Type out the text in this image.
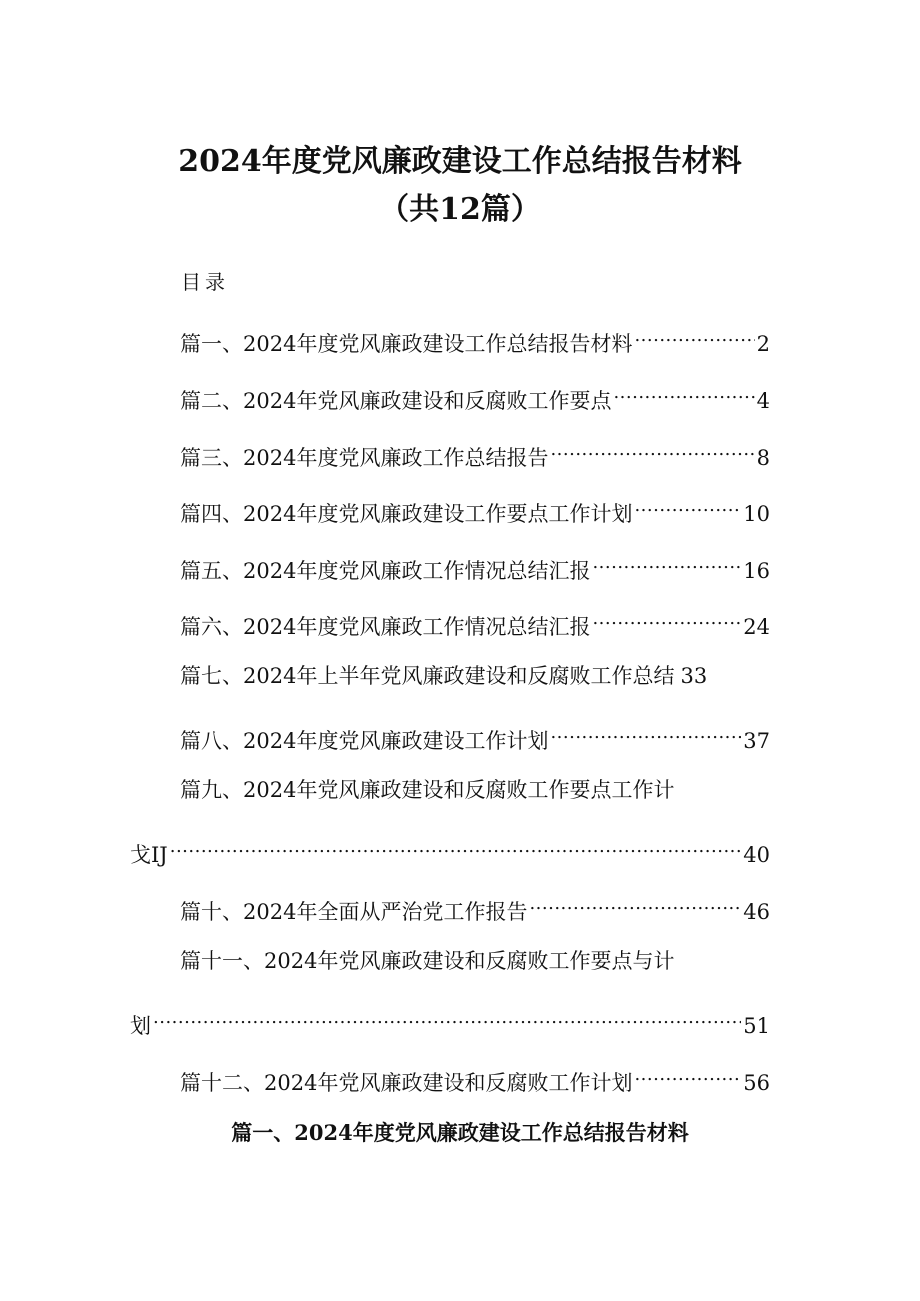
2024年度党风廉政建设工作总结报告材料
（共12篇）
目录
篇一、2024年度党风廉政建设工作总结报告材料 .....	2
篇二、2024年党风廉政建设和反腐败工作要点 .....	4
篇三、2024年度党风廉政工作总结报告 .....	8
篇四、2024年度党风廉政建设工作要点工作计划 .....	10
篇五、2024年度党风廉政工作情况总结汇报 .....	16
篇六、2024年度党风廉政工作情况总结汇报 .....	24
篇七、2024年上半年党风廉政建设和反腐败工作总结 33
篇八、2024年度党风廉政建设工作计划 .....	37
篇九、2024年党风廉政建设和反腐败工作要点工作计
戈IJ .....	40
篇十、2024年全面从严治党工作报告 .....	46
篇十一、2024年党风廉政建设和反腐败工作要点与计
划 .....	51
篇十二、2024年党风廉政建设和反腐败工作计划 .....	56
篇一、2024年度党风廉政建设工作总结报告材料
